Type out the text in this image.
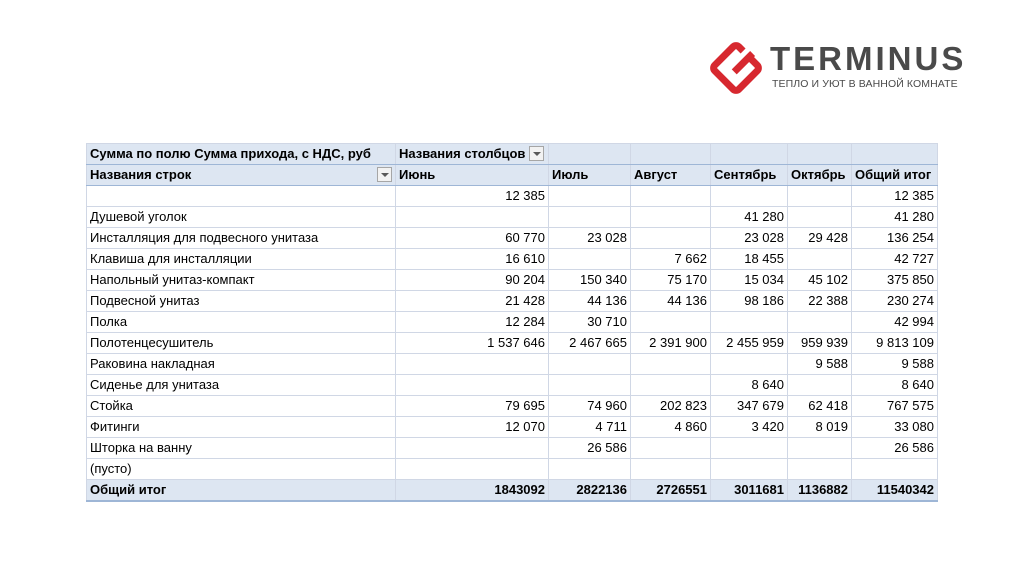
TERMINUS
ТЕПЛО И УЮТ В ВАННОЙ КОМНАТЕ
Сумма по полю Сумма прихода, с НДС, руб	Названия столбцов					

Названия строк	Июнь	Июль	Август	Сентябрь	Октябрь	Общий итог
	12 385					12 385
Душевой уголок				41 280		41 280
Инсталляция для подвесного унитаза	60 770	23 028		23 028	29 428	136 254
Клавиша для инсталляции	16 610		7 662	18 455		42 727
Напольный унитаз-компакт	90 204	150 340	75 170	15 034	45 102	375 850
Подвесной унитаз	21 428	44 136	44 136	98 186	22 388	230 274
Полка	12 284	30 710				42 994
Полотенцесушитель	1 537 646	2 467 665	2 391 900	2 455 959	959 939	9 813 109
Раковина накладная					9 588	9 588
Сиденье для унитаза				8 640		8 640
Стойка	79 695	74 960	202 823	347 679	62 418	767 575
Фитинги	12 070	4 711	4 860	3 420	8 019	33 080
Шторка на ванну		26 586				26 586
(пусто)						
Общий итог	1843092	2822136	2726551	3011681	1136882	11540342
